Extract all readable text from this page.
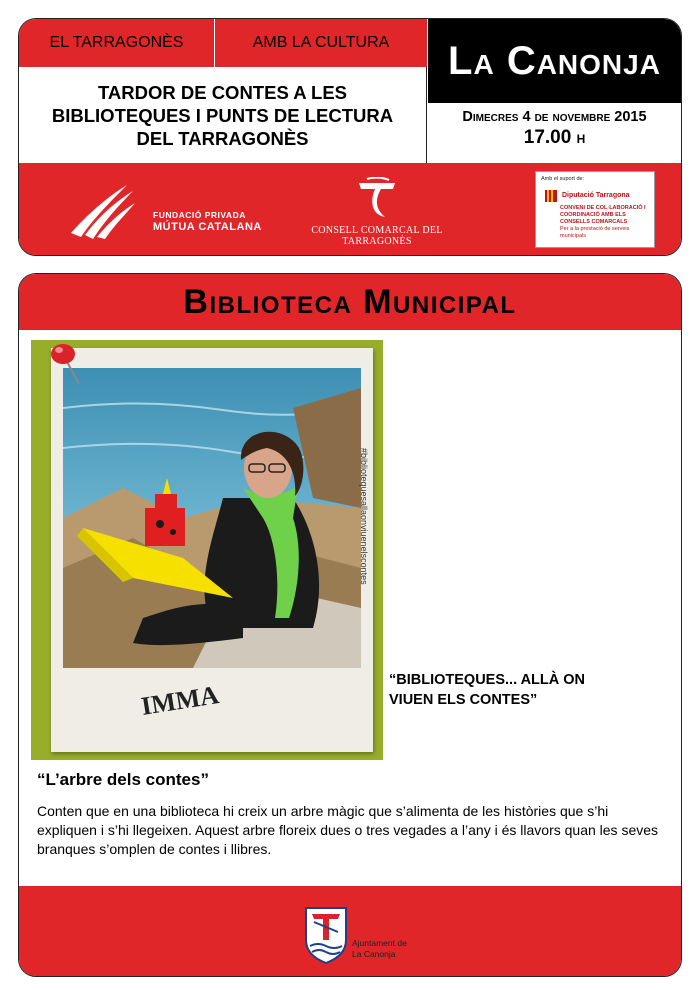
EL TARRAGONÈS	AMB LA CULTURA	La Canonja
TARDOR DE CONTES A LES
BIBLIOTEQUES I PUNTS DE LECTURA
DEL TARRAGONÈS
Dimecres 4 de novembre 2015
17.00 h
FUNDACIÓ PRIVADA
MÚTUA CATALANA	CONSELL COMARCAL DEL TARRAGONÈS
Amb el suport de:
Diputació Tarragona
CONVENI DE COL·LABORACIÓ I COORDINACIÓ AMB ELS CONSELLS COMARCALS
Per a la prestació de serveis municipals
Biblioteca Municipal
IMMA
#bibliotequesallaonviuenelscontes
“BIBLIOTEQUES... ALLÀ ON
VIUEN ELS CONTES”
“L’arbre dels contes”
Conten que en una biblioteca hi creix un arbre màgic que s’alimenta de les històries que s’hi expliquen i s’hi llegeixen. Aquest arbre floreix dues o tres vegades a l’any i és llavors quan les seves branques s’omplen de contes i llibres.
Ajuntament de
La Canonja
